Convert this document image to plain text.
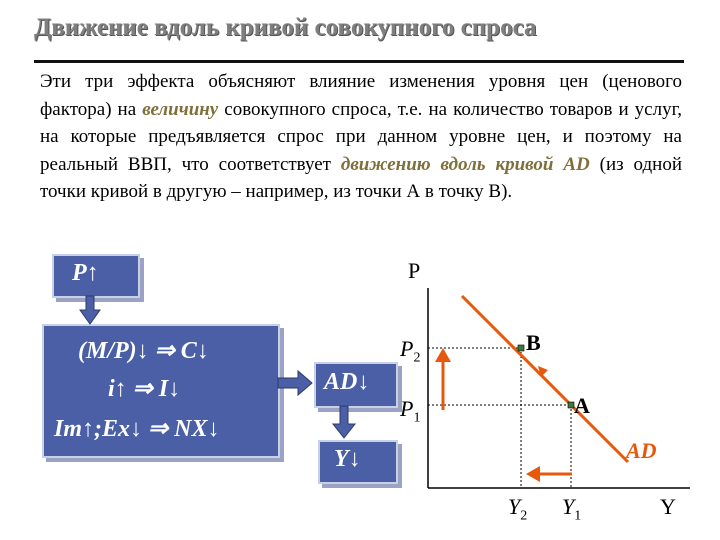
Движение вдоль кривой совокупного спроса
Эти три эффекта объясняют влияние изменения уровня цен (ценового фактора) на величину совокупного спроса, т.е. на количество товаров и услуг, на которые предъявляется спрос при данном уровне цен, и поэтому на реальный ВВП, что соответствует движению вдоль кривой AD (из одной точки кривой в другую – например, из точки А в точку В).
P↑
(M/P)↓ ⇒ C↓
i↑ ⇒ I↓
Im↑;Ex↓ ⇒ NX↓
AD↓
Y↓
P
Y
$P_2$
$P_1$
$Y_2$ $Y_1$
B
A
AD
